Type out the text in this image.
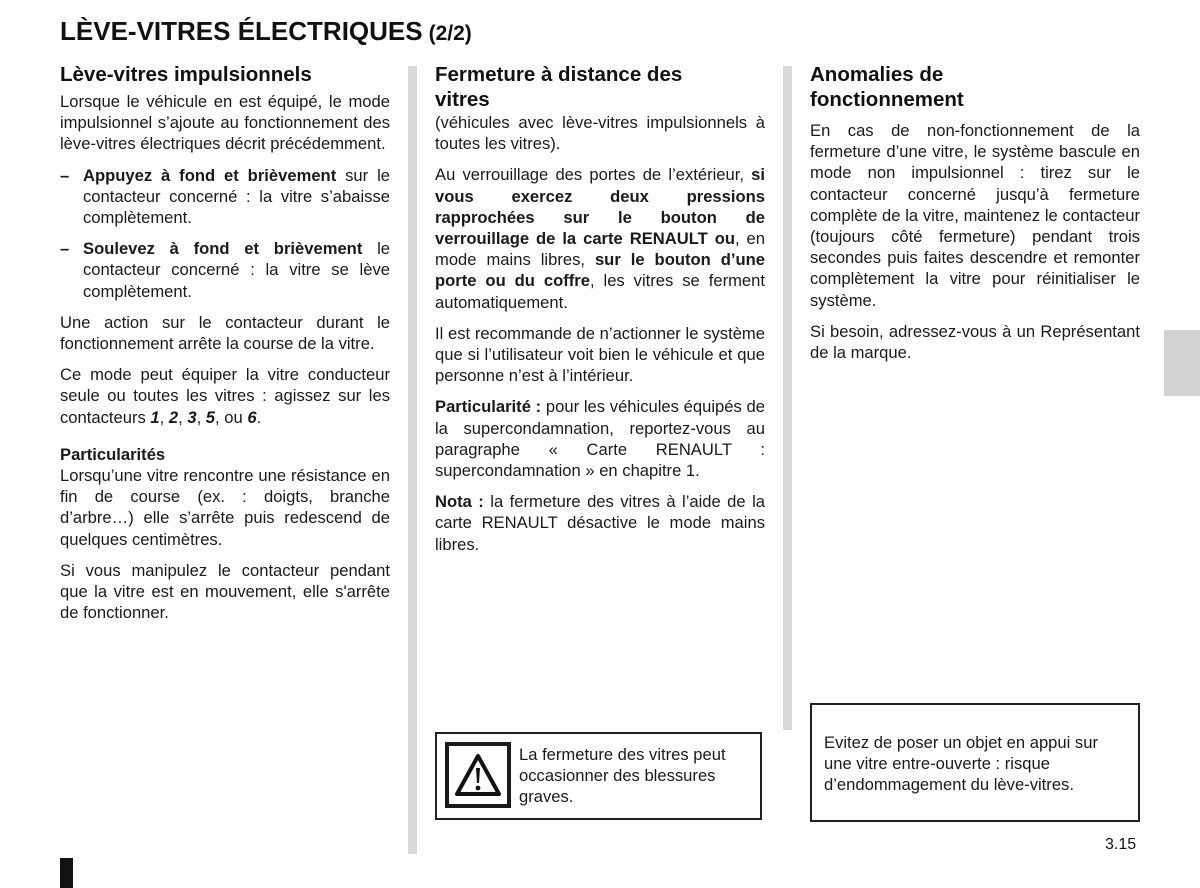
LÈVE-VITRES ÉLECTRIQUES (2/2)
Lève-vitres impulsionnels

Lorsque le véhicule en est équipé, le mode impulsionnel s’ajoute au fonctionnement des lève-vitres électriques décrit précédemment.

– Appuyez à fond et brièvement sur le contacteur concerné : la vitre s’abaisse complètement.
– Soulevez à fond et brièvement le contacteur concerné : la vitre se lève complètement.

Une action sur le contacteur durant le fonctionnement arrête la course de la vitre.

Ce mode peut équiper la vitre conducteur seule ou toutes les vitres : agissez sur les contacteurs 1, 2, 3, 5, ou 6.

Particularités

Lorsqu’une vitre rencontre une résistance en fin de course (ex. : doigts, branche d’arbre…) elle s’arrête puis redescend de quelques centimètres.

Si vous manipulez le contacteur pendant que la vitre est en mouvement, elle s'arrête de fonctionner.

Fermeture à distance des vitres

(véhicules avec lève-vitres impulsionnels à toutes les vitres).

Au verrouillage des portes de l’extérieur, si vous exercez deux pressions rapprochées sur le bouton de verrouillage de la carte RENAULT ou, en mode mains libres, sur le bouton d’une porte ou du coffre, les vitres se ferment automatiquement.

Il est recommande de n’actionner le système que si l’utilisateur voit bien le véhicule et que personne n’est à l’intérieur.

Particularité : pour les véhicules équipés de la supercondamnation, reportez-vous au paragraphe « Carte RENAULT : supercondamnation » en chapitre 1.

Nota : la fermeture des vitres à l’aide de la carte RENAULT désactive le mode mains libres.

La fermeture des vitres peut occasionner des blessures graves.
Anomalies de fonctionnement

En cas de non-fonctionnement de la fermeture d’une vitre, le système bascule en mode non impulsionnel : tirez sur le contacteur concerné jusqu’à fermeture complète de la vitre, maintenez le contacteur (toujours côté fermeture) pendant trois secondes puis faites descendre et remonter complètement la vitre pour réinitialiser le système.

Si besoin, adressez-vous à un Représentant de la marque.

Evitez de poser un objet en appui sur une vitre entre-ouverte : risque d’endommagement du lève-vitres.
3.15
